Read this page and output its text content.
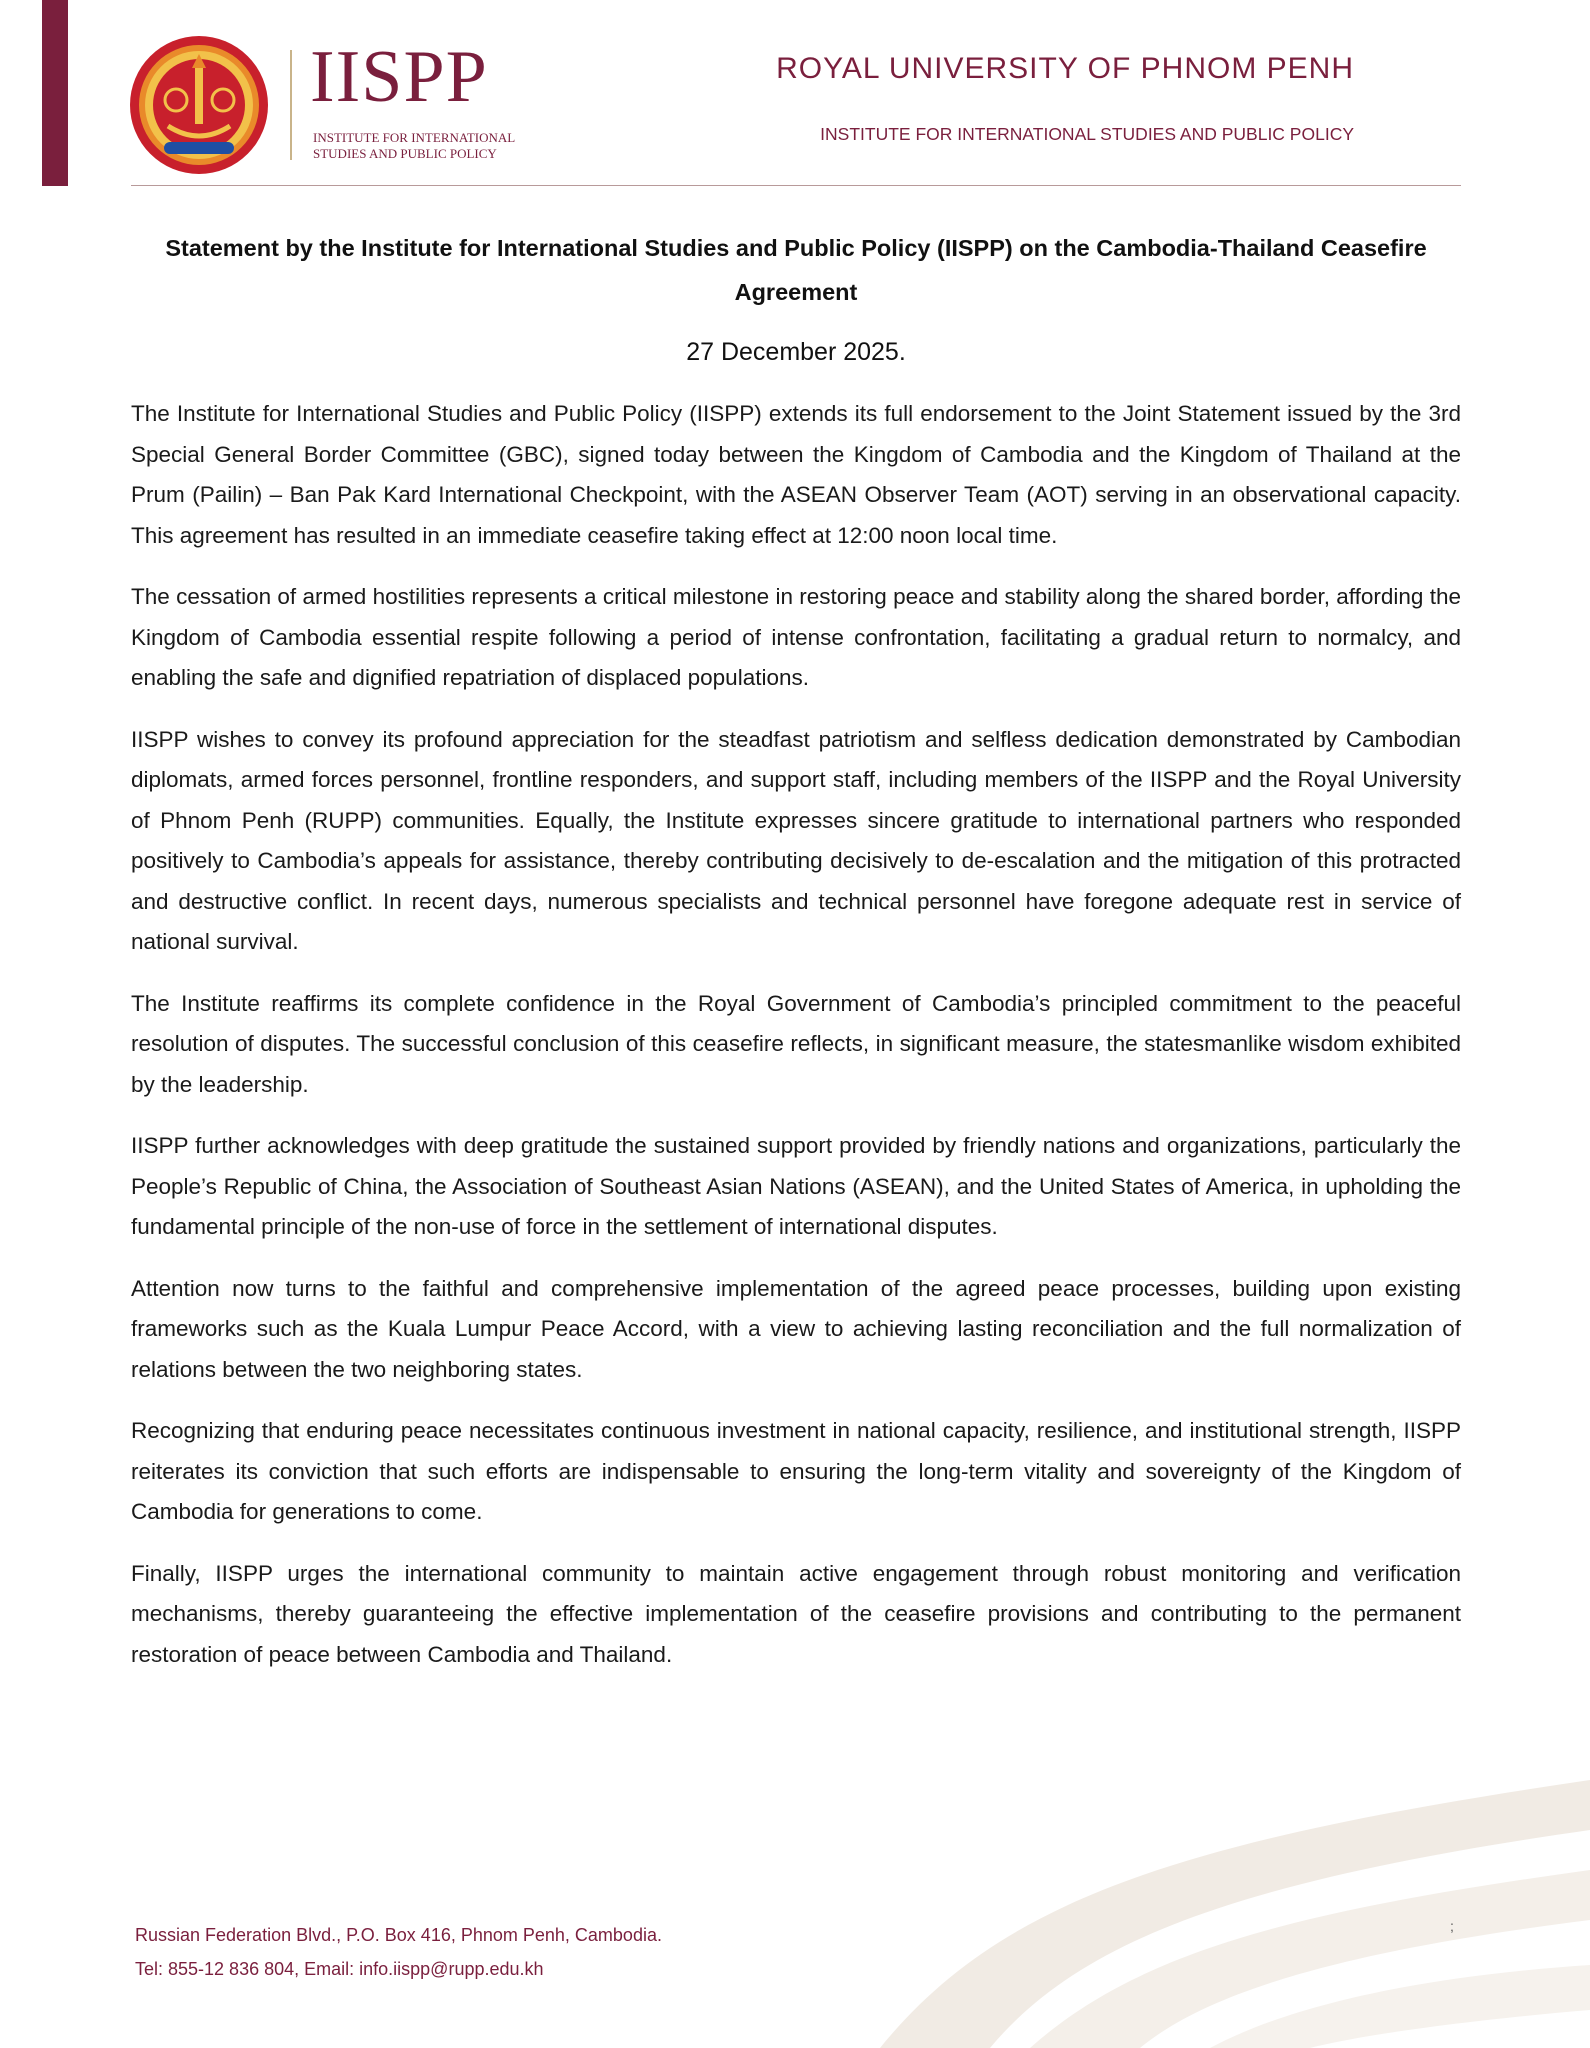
IISPP
INSTITUTE FOR INTERNATIONAL
STUDIES AND PUBLIC POLICY
ROYAL UNIVERSITY OF PHNOM PENH
INSTITUTE FOR INTERNATIONAL STUDIES AND PUBLIC POLICY
Statement by the Institute for International Studies and Public Policy (IISPP) on the Cambodia-Thailand Ceasefire Agreement
27 December 2025.

The Institute for International Studies and Public Policy (IISPP) extends its full endorsement to the Joint Statement issued by the 3rd Special General Border Committee (GBC), signed today between the Kingdom of Cambodia and the Kingdom of Thailand at the Prum (Pailin) – Ban Pak Kard International Checkpoint, with the ASEAN Observer Team (AOT) serving in an observational capacity. This agreement has resulted in an immediate ceasefire taking effect at 12:00 noon local time.

The cessation of armed hostilities represents a critical milestone in restoring peace and stability along the shared border, affording the Kingdom of Cambodia essential respite following a period of intense confrontation, facilitating a gradual return to normalcy, and enabling the safe and dignified repatriation of displaced populations.

IISPP wishes to convey its profound appreciation for the steadfast patriotism and selfless dedication demonstrated by Cambodian diplomats, armed forces personnel, frontline responders, and support staff, including members of the IISPP and the Royal University of Phnom Penh (RUPP) communities. Equally, the Institute expresses sincere gratitude to international partners who responded positively to Cambodia’s appeals for assistance, thereby contributing decisively to de-escalation and the mitigation of this protracted and destructive conflict. In recent days, numerous specialists and technical personnel have foregone adequate rest in service of national survival.

The Institute reaffirms its complete confidence in the Royal Government of Cambodia’s principled commitment to the peaceful resolution of disputes. The successful conclusion of this ceasefire reflects, in significant measure, the statesmanlike wisdom exhibited by the leadership.

IISPP further acknowledges with deep gratitude the sustained support provided by friendly nations and organizations, particularly the People’s Republic of China, the Association of Southeast Asian Nations (ASEAN), and the United States of America, in upholding the fundamental principle of the non-use of force in the settlement of international disputes.

Attention now turns to the faithful and comprehensive implementation of the agreed peace processes, building upon existing frameworks such as the Kuala Lumpur Peace Accord, with a view to achieving lasting reconciliation and the full normalization of relations between the two neighboring states.

Recognizing that enduring peace necessitates continuous investment in national capacity, resilience, and institutional strength, IISPP reiterates its conviction that such efforts are indispensable to ensuring the long-term vitality and sovereignty of the Kingdom of Cambodia for generations to come.

Finally, IISPP urges the international community to maintain active engagement through robust monitoring and verification mechanisms, thereby guaranteeing the effective implementation of the ceasefire provisions and contributing to the permanent restoration of peace between Cambodia and Thailand.

Russian Federation Blvd., P.O. Box 416, Phnom Penh, Cambodia.
Tel: 855-12 836 804, Email: info.iispp@rupp.edu.kh
;
